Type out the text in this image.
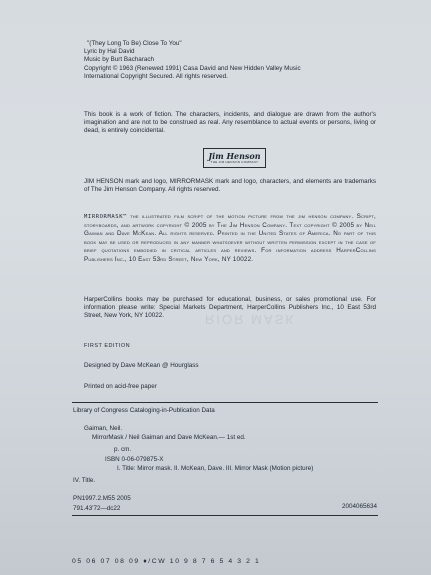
RIOR MASK
"(They Long To Be) Close To You"
Lyric by Hal David
Music by Burt Bacharach
Copyright © 1963 (Renewed 1991) Casa David and New Hidden Valley Music
International Copyright Secured. All rights reserved.
This book is a work of fiction. The characters, incidents, and dialogue are drawn from the author's imagination and are not to be construed as real. Any resemblance to actual events or persons, living or dead, is entirely coincidental.
Jim Henson
THE JIM HENSON COMPANY
JIM HENSON mark and logo, MIRRORMASK mark and logo, characters, and elements are trademarks of The Jim Henson Company. All rights reserved.
MIRRORMASK™ the illustrated film script of the motion picture from the jim henson company. Script, storyboards, and artwork copyright © 2005 by The Jim Henson Company. Text copyright © 2005 by Neil Gaiman and Dave McKean. All rights reserved. Printed in the United States of America. No part of this book may be used or reproduced in any manner whatsoever without written permission except in the case of brief quotations embodied in critical articles and reviews. For information address HarperCollins Publishers Inc., 10 East 53rd Street, New York, NY 10022.
HarperCollins books may be purchased for educational, business, or sales promotional use. For information please write: Special Markets Department, HarperCollins Publishers Inc., 10 East 53rd Street, New York, NY 10022.
FIRST EDITION
Designed by Dave McKean @ Hourglass
Printed on acid-free paper
Library of Congress Cataloging-in-Publication Data
Gaiman, Neil.
MirrorMask / Neil Gaiman and Dave McKean.— 1st ed.
p. cm.
ISBN 0-06-079875-X
I. Title: Mirror mask. II. McKean, Dave. III. Mirror Mask (Motion picture)
IV. Title.
PN1997.2.M55 2005
791.43'72—dc22	2004065634
05 06 07 08 09 ♦/CW 10 9 8 7 6 5 4 3 2 1
